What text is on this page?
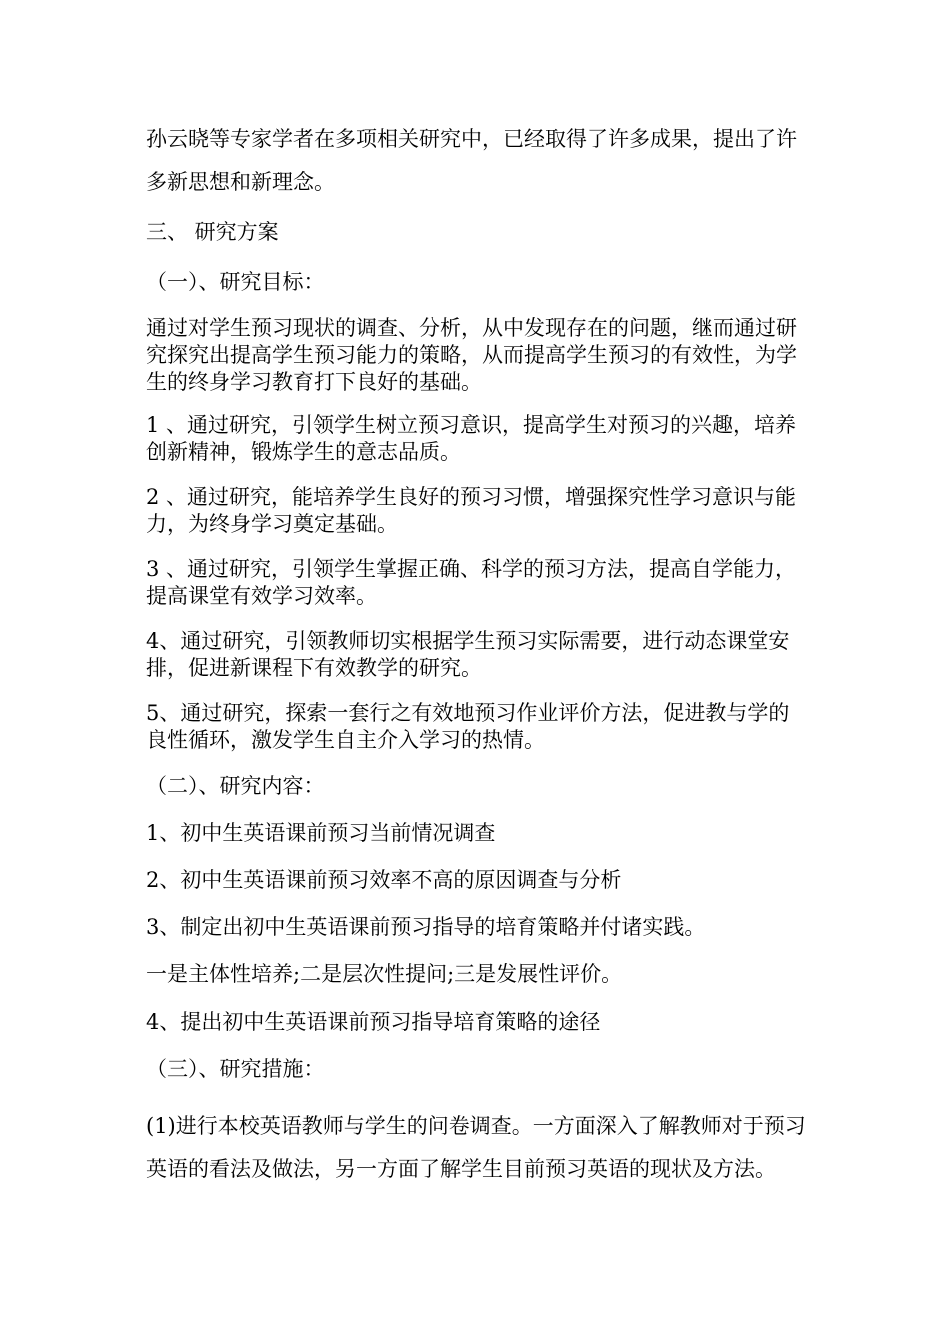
孙云晓等专家学者在多项相关研究中，已经取得了许多成果，提出了许多新思想和新理念。

三、 研究方案

（一）、研究目标：

通过对学生预习现状的调查、分析，从中发现存在的问题，继而通过研究探究出提高学生预习能力的策略，从而提高学生预习的有效性，为学生的终身学习教育打下良好的基础。

1 、通过研究，引领学生树立预习意识，提高学生对预习的兴趣，培养创新精神，锻炼学生的意志品质。

2 、通过研究，能培养学生良好的预习习惯，增强探究性学习意识与能力，为终身学习奠定基础。

3 、通过研究，引领学生掌握正确、科学的预习方法，提高自学能力，提高课堂有效学习效率。

4、通过研究，引领教师切实根据学生预习实际需要，进行动态课堂安排，促进新课程下有效教学的研究。

5、通过研究，探索一套行之有效地预习作业评价方法，促进教与学的良性循环，激发学生自主介入学习的热情。

（二）、研究内容：

1、初中生英语课前预习当前情况调查

2、初中生英语课前预习效率不高的原因调查与分析

3、制定出初中生英语课前预习指导的培育策略并付诸实践。

一是主体性培养;二是层次性提问;三是发展性评价。

4、提出初中生英语课前预习指导培育策略的途径

（三）、研究措施：

(1)进行本校英语教师与学生的问卷调查。一方面深入了解教师对于预习英语的看法及做法，另一方面了解学生目前预习英语的现状及方法。
